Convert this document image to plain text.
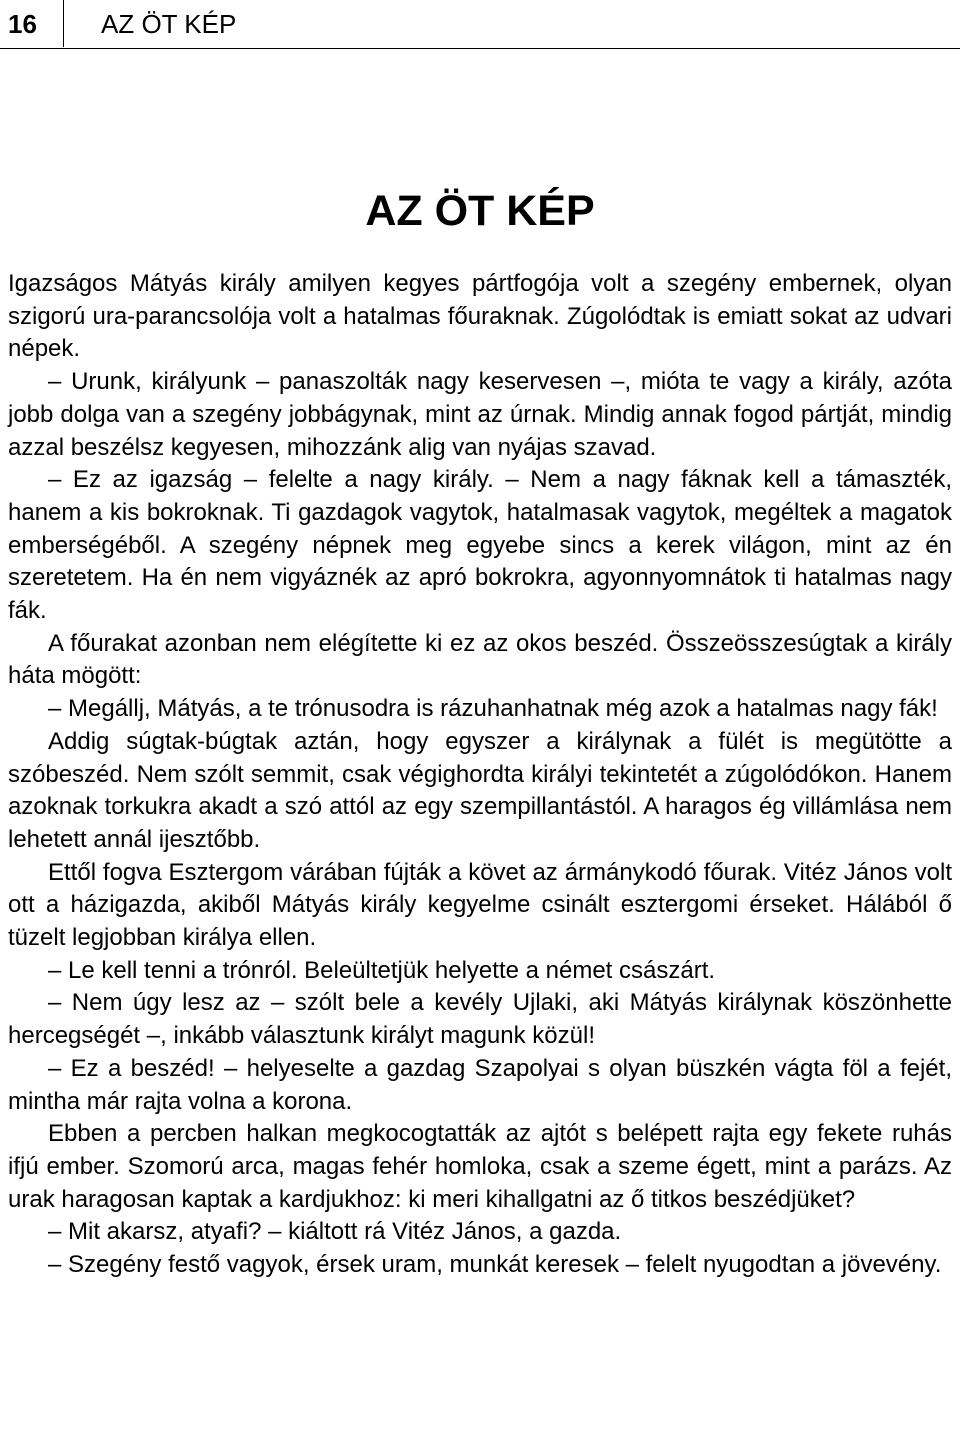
16 AZ ÖT KÉP
AZ ÖT KÉP

Igazságos Mátyás király amilyen kegyes pártfogója volt a szegény embernek, olyan szigorú ura-parancsolója volt a hatalmas főuraknak. Zúgolódtak is emiatt sokat az udvari népek.

– Urunk, királyunk – panaszolták nagy keservesen –, mióta te vagy a király, azóta jobb dolga van a szegény jobbágynak, mint az úrnak. Mindig annak fogod pártját, mindig azzal beszélsz kegyesen, mihozzánk alig van nyájas szavad.

– Ez az igazság – felelte a nagy király. – Nem a nagy fáknak kell a támaszték, hanem a kis bokroknak. Ti gazdagok vagytok, hatalmasak vagytok, megéltek a magatok emberségéből. A szegény népnek meg egyebe sincs a kerek világon, mint az én szeretetem. Ha én nem vigyáznék az apró bokrokra, agyonnyomnátok ti hatalmas nagy fák.

A főurakat azonban nem elégítette ki ez az okos beszéd. Összeösszesúgtak a király háta mögött:

– Megállj, Mátyás, a te trónusodra is rázuhanhatnak még azok a hatalmas nagy fák!

Addig súgtak-búgtak aztán, hogy egyszer a királynak a fülét is megütötte a szóbeszéd. Nem szólt semmit, csak végighordta királyi tekintetét a zúgolódókon. Hanem azoknak torkukra akadt a szó attól az egy szempillantástól. A haragos ég villámlása nem lehetett annál ijesztőbb.

Ettől fogva Esztergom várában fújták a követ az ármánykodó főurak. Vitéz János volt ott a házigazda, akiből Mátyás király kegyelme csinált esztergomi érseket. Hálából ő tüzelt legjobban királya ellen.

– Le kell tenni a trónról. Beleültetjük helyette a német császárt.

– Nem úgy lesz az – szólt bele a kevély Ujlaki, aki Mátyás királynak köszönhette hercegségét –, inkább választunk királyt magunk közül!

– Ez a beszéd! – helyeselte a gazdag Szapolyai s olyan büszkén vágta föl a fejét, mintha már rajta volna a korona.

Ebben a percben halkan megkocogtatták az ajtót s belépett rajta egy fekete ruhás ifjú ember. Szomorú arca, magas fehér homloka, csak a szeme égett, mint a parázs. Az urak haragosan kaptak a kardjukhoz: ki meri kihallgatni az ő titkos beszédjüket?

– Mit akarsz, atyafi? – kiáltott rá Vitéz János, a gazda.

– Szegény festő vagyok, érsek uram, munkát keresek – felelt nyugodtan a jövevény.
